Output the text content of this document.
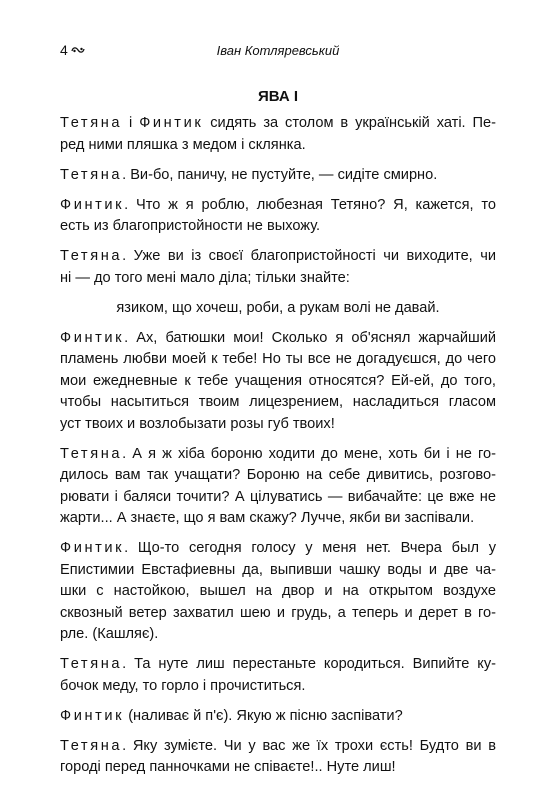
4	Іван Котляревський
ЯВА І
Тетяна і Финтик сидять за столом в українській хаті. Пе-
ред ними пляшка з медом і склянка.
Тетяна. Ви-бо, паничу, не пустуйте, — сидіте смирно.
Финтик. Что ж я роблю, любезная Тетяно? Я, кажется, то
есть из благопристойности не выхожу.
Тетяна. Уже ви із своєї благопристойності чи виходите, чи
ні — до того мені мало діла; тільки знайте:
язиком, що хочеш, роби, а рукам волі не давай.
Финтик. Ах, батюшки мои! Сколько я об'яснял жарчайший
пламень любви моей к тебе! Но ты все не догадуєшся, до чего
мои ежедневные к тебе учащения относятся? Ей-ей, до того,
чтобы насытиться твоим лицезрением, насладиться гласом
уст твоих и возлобызати розы губ твоих!
Тетяна. А я ж хіба бороню ходити до мене, хоть би і не го-
дилось вам так учащати? Бороню на себе дивитись, розгово-
рювати і баляси точити? А цілуватись — вибачайте: це вже не
жарти... А знаєте, що я вам скажу? Лучче, якби ви заспівали.
Финтик. Що-то сегодня голосу у меня нет. Вчера был у
Епистимии Евстафиевны да, выпивши чашку воды и две ча-
шки с настойкою, вышел на двор и на открытом воздухе
сквозный ветер захватил шею и грудь, а теперь и дерет в го-
рле. (Кашляє).
Тетяна. Та нуте лиш перестаньте кородиться. Випийте ку-
бочок меду, то горло і прочиститься.
Финтик (наливає й п'є). Якую ж пісню заспівати?
Тетяна. Яку зумієте. Чи у вас же їх трохи єсть! Будто ви в
городі перед панночками не співаєте!.. Нуте лиш!
